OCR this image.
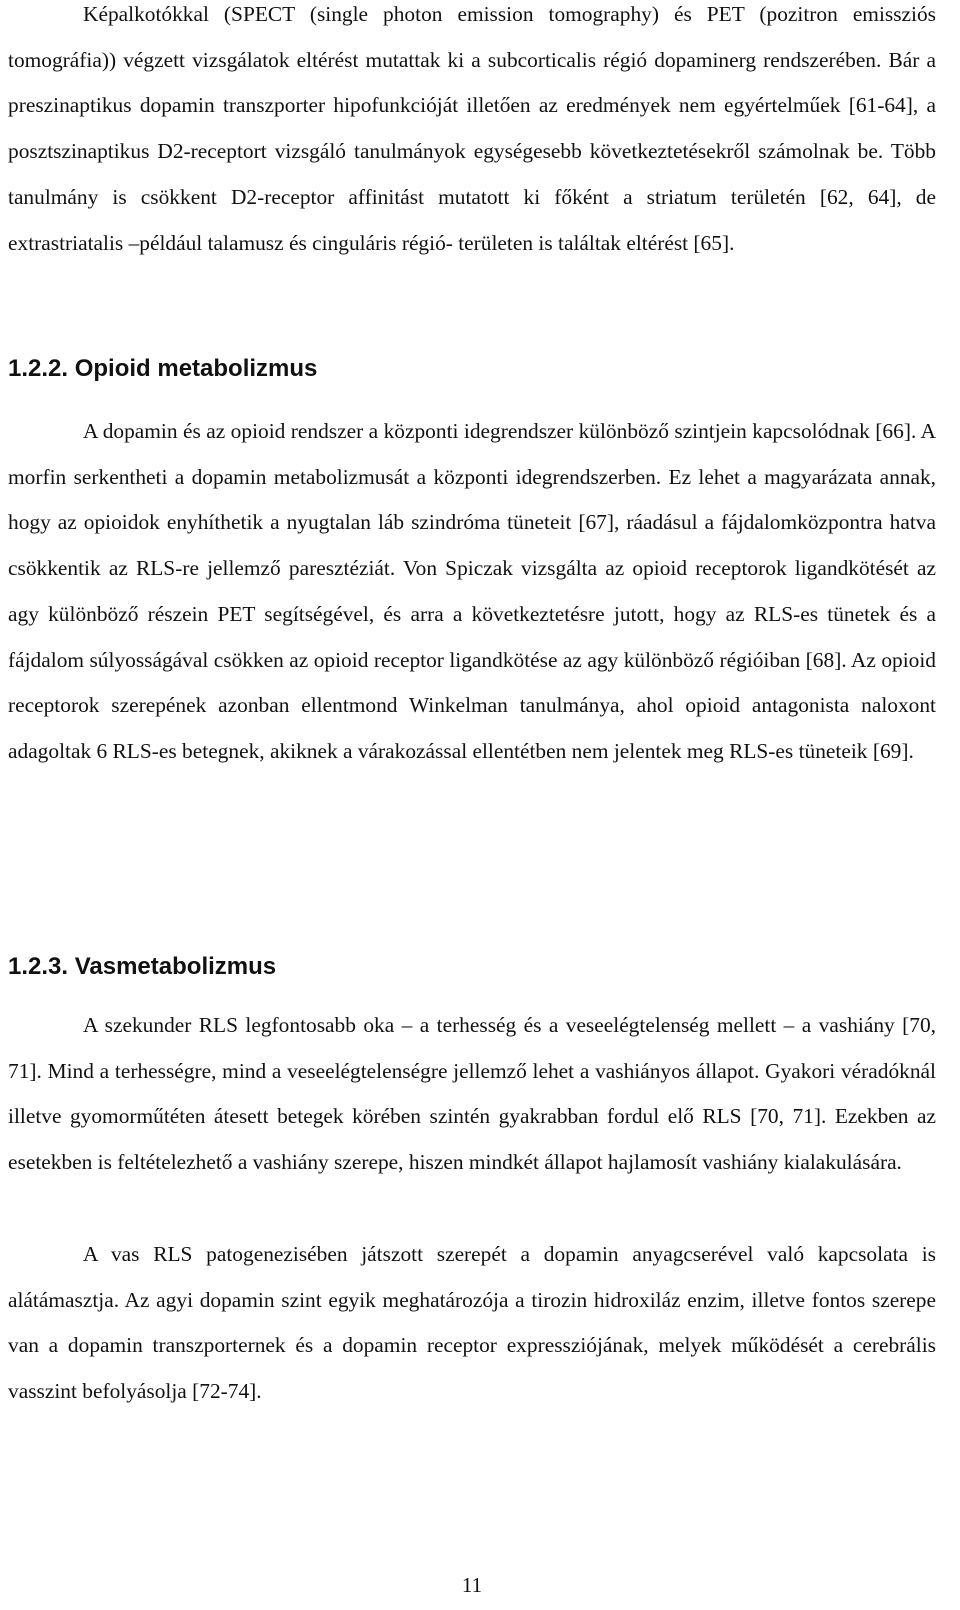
Képalkotókkal (SPECT (single photon emission tomography) és PET (pozitron emissziós tomográfia)) végzett vizsgálatok eltérést mutattak ki a subcorticalis régió dopaminerg rendszerében. Bár a preszinaptikus dopamin transzporter hipofunkcióját illetően az eredmények nem egyértelműek [61-64], a posztszinaptikus D2-receptort vizsgáló tanulmányok egységesebb következtetésekről számolnak be. Több tanulmány is csökkent D2-receptor affinitást mutatott ki főként a striatum területén [62, 64], de extrastriatalis –például talamusz és cinguláris régió- területen is találtak eltérést [65].

1.2.2. Opioid metabolizmus

A dopamin és az opioid rendszer a központi idegrendszer különböző szintjein kapcsolódnak [66]. A morfin serkentheti a dopamin metabolizmusát a központi idegrendszerben. Ez lehet a magyarázata annak, hogy az opioidok enyhíthetik a nyugtalan láb szindróma tüneteit [67], ráadásul a fájdalomközpontra hatva csökkentik az RLS-re jellemző paresztéziát. Von Spiczak vizsgálta az opioid receptorok ligandkötését az agy különböző részein PET segítségével, és arra a következtetésre jutott, hogy az RLS-es tünetek és a fájdalom súlyosságával csökken az opioid receptor ligandkötése az agy különböző régióiban [68]. Az opioid receptorok szerepének azonban ellentmond Winkelman tanulmánya, ahol opioid antagonista naloxont adagoltak 6 RLS-es betegnek, akiknek a várakozással ellentétben nem jelentek meg RLS-es tüneteik [69].

1.2.3. Vasmetabolizmus

A szekunder RLS legfontosabb oka – a terhesség és a veseelégtelenség mellett – a vashiány [70, 71]. Mind a terhességre, mind a veseelégtelenségre jellemző lehet a vashiányos állapot. Gyakori véradóknál illetve gyomorműtéten átesett betegek körében szintén gyakrabban fordul elő RLS [70, 71]. Ezekben az esetekben is feltételezhető a vashiány szerepe, hiszen mindkét állapot hajlamosít vashiány kialakulására.

A vas RLS patogenezisében játszott szerepét a dopamin anyagcserével való kapcsolata is alátámasztja. Az agyi dopamin szint egyik meghatározója a tirozin hidroxiláz enzim, illetve fontos szerepe van a dopamin transzporternek és a dopamin receptor expressziójának, melyek működését a cerebrális vasszint befolyásolja [72-74].

11
